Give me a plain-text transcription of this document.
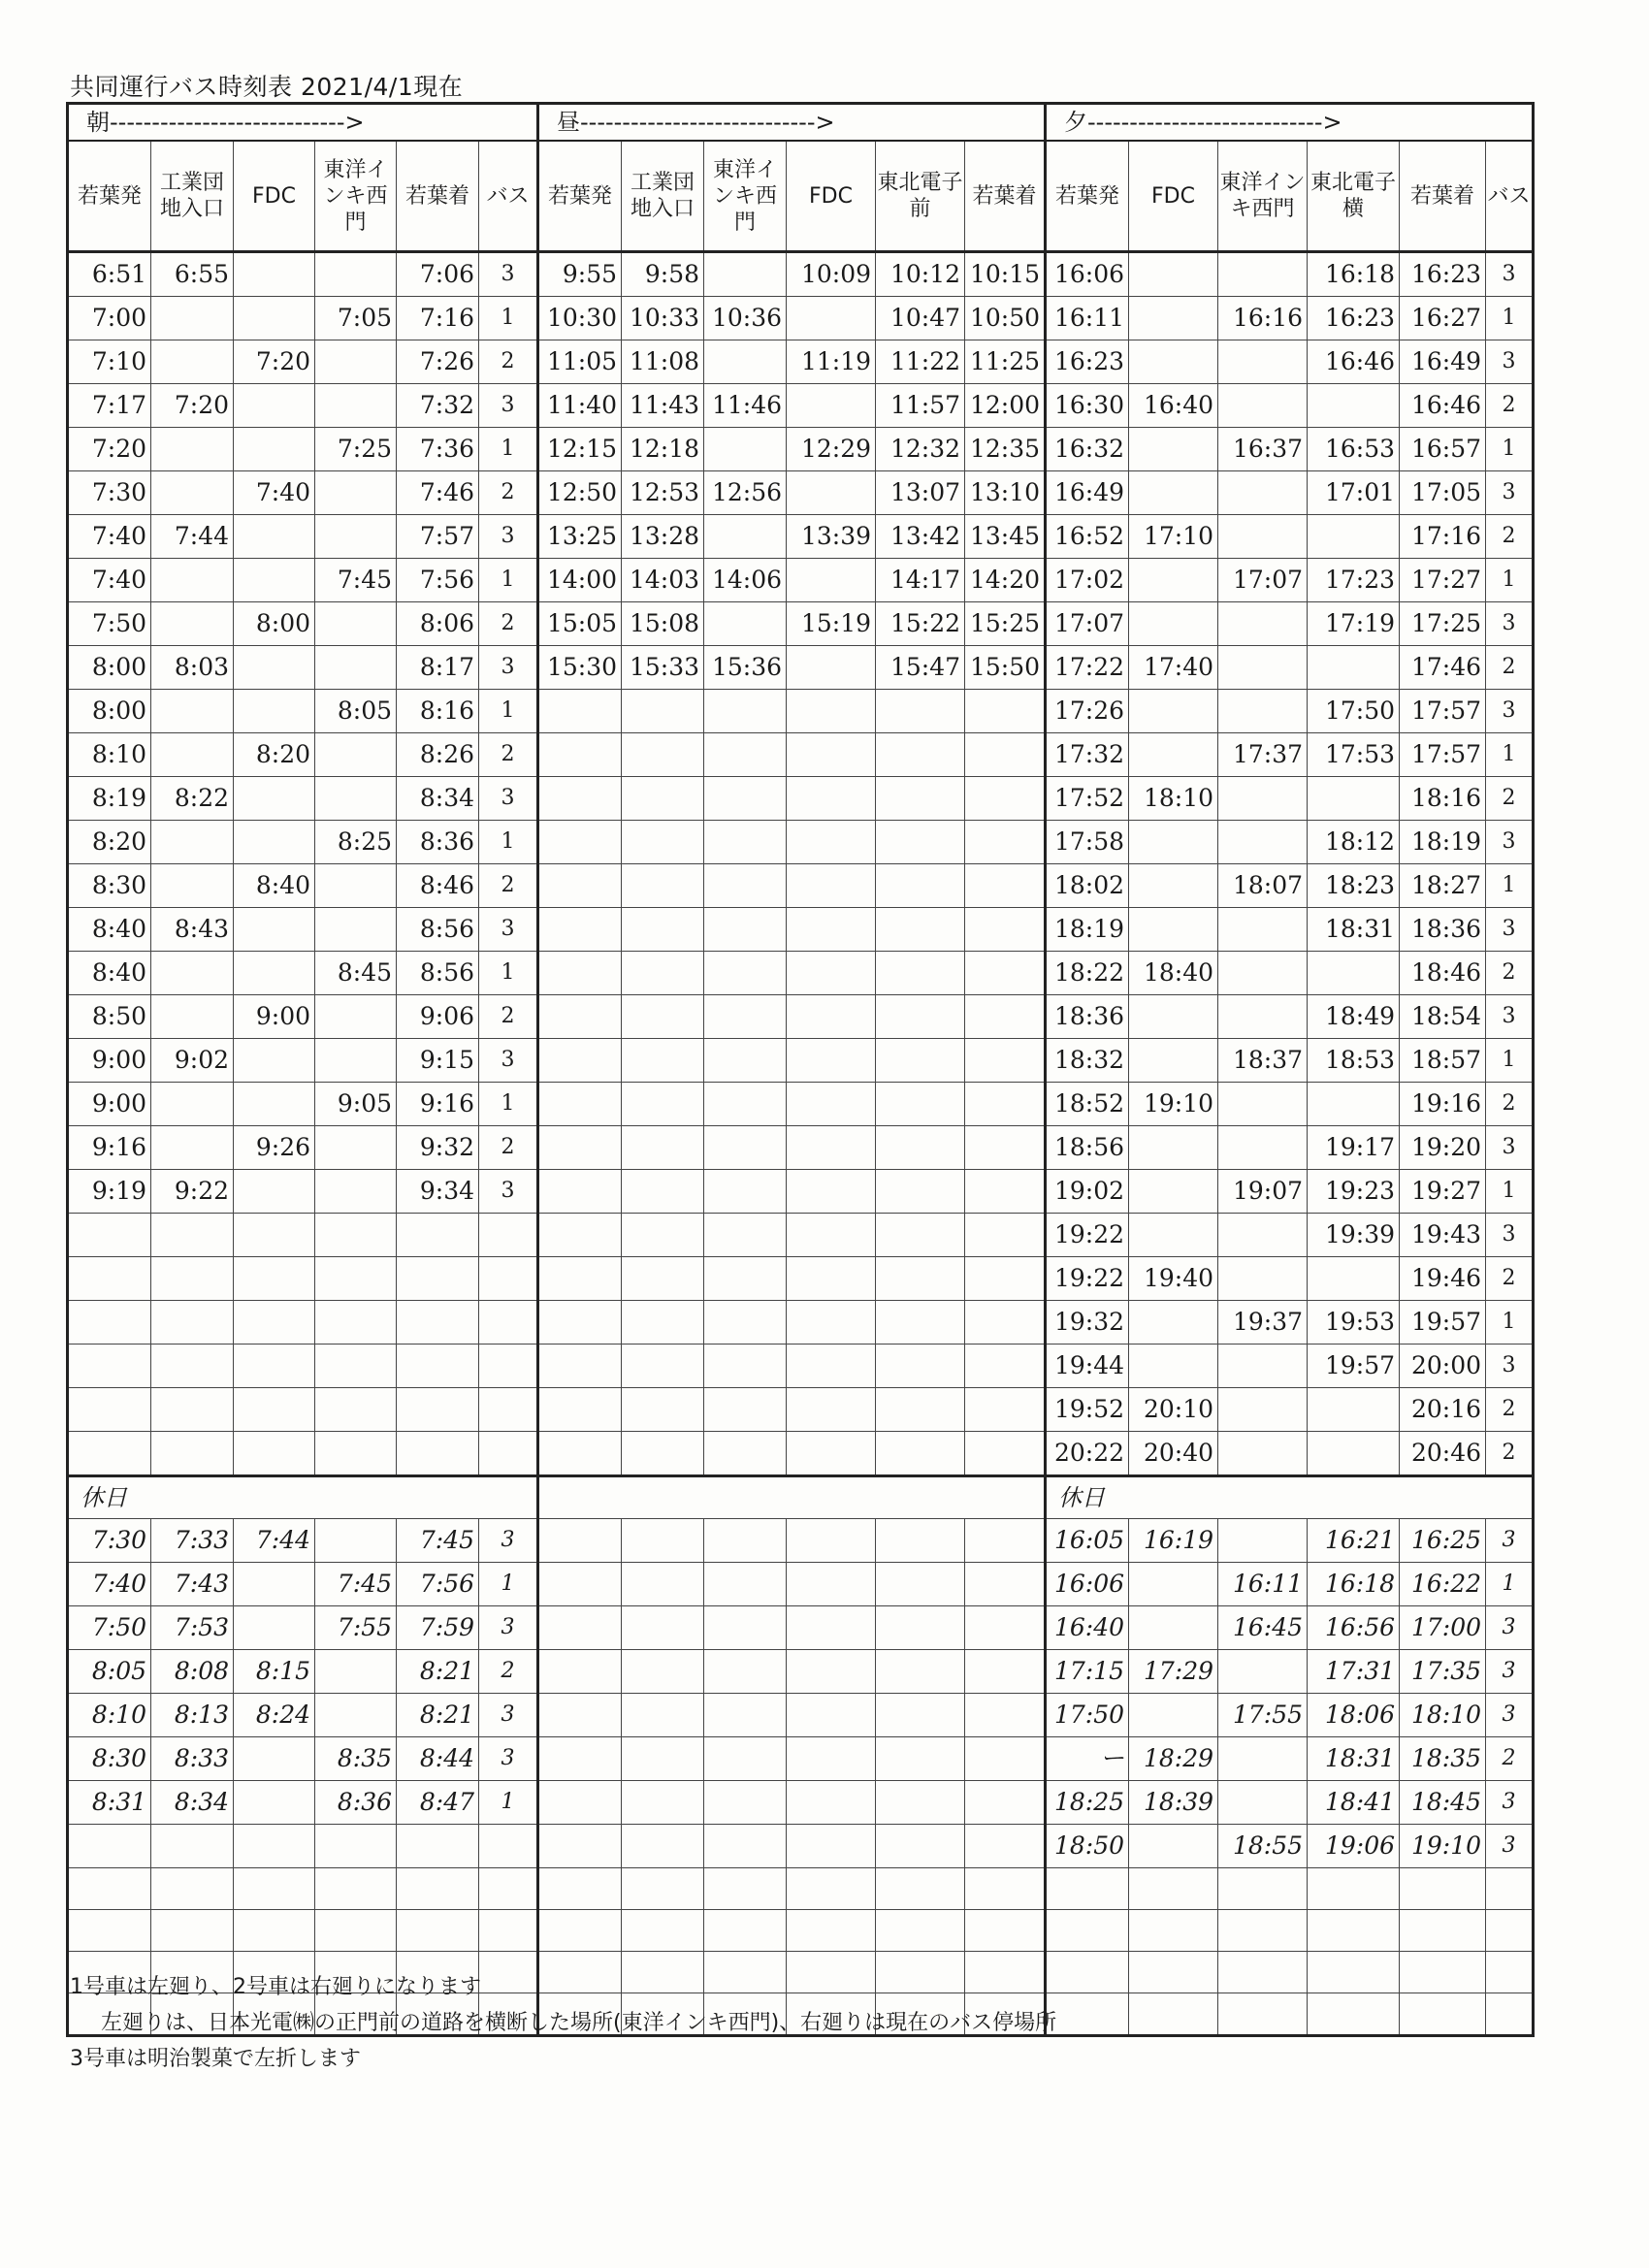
共同運行バス時刻表 2021/4/1現在
朝---------------------------->						昼---------------------------->						夕---------------------------->					
若葉発	工業団地入口	FDC	東洋インキ西門	若葉着	バス	若葉発	工業団地入口	東洋インキ西門	FDC	東北電子前	若葉着	若葉発	FDC	東洋インキ西門	東北電子横	若葉着	バス
6:51	6:55			7:06	3	9:55	9:58		10:09	10:12	10:15	16:06			16:18	16:23	3
7:00			7:05	7:16	1	10:30	10:33	10:36		10:47	10:50	16:11		16:16	16:23	16:27	1
7:10		7:20		7:26	2	11:05	11:08		11:19	11:22	11:25	16:23			16:46	16:49	3
7:17	7:20			7:32	3	11:40	11:43	11:46		11:57	12:00	16:30	16:40			16:46	2
7:20			7:25	7:36	1	12:15	12:18		12:29	12:32	12:35	16:32		16:37	16:53	16:57	1
7:30		7:40		7:46	2	12:50	12:53	12:56		13:07	13:10	16:49			17:01	17:05	3
7:40	7:44			7:57	3	13:25	13:28		13:39	13:42	13:45	16:52	17:10			17:16	2
7:40			7:45	7:56	1	14:00	14:03	14:06		14:17	14:20	17:02		17:07	17:23	17:27	1
7:50		8:00		8:06	2	15:05	15:08		15:19	15:22	15:25	17:07			17:19	17:25	3
8:00	8:03			8:17	3	15:30	15:33	15:36		15:47	15:50	17:22	17:40			17:46	2
8:00			8:05	8:16	1							17:26			17:50	17:57	3
8:10		8:20		8:26	2							17:32		17:37	17:53	17:57	1
8:19	8:22			8:34	3							17:52	18:10			18:16	2
8:20			8:25	8:36	1							17:58			18:12	18:19	3
8:30		8:40		8:46	2							18:02		18:07	18:23	18:27	1
8:40	8:43			8:56	3							18:19			18:31	18:36	3
8:40			8:45	8:56	1							18:22	18:40			18:46	2
8:50		9:00		9:06	2							18:36			18:49	18:54	3
9:00	9:02			9:15	3							18:32		18:37	18:53	18:57	1
9:00			9:05	9:16	1							18:52	19:10			19:16	2
9:16		9:26		9:32	2							18:56			19:17	19:20	3
9:19	9:22			9:34	3							19:02		19:07	19:23	19:27	1
												19:22			19:39	19:43	3
												19:22	19:40			19:46	2
												19:32		19:37	19:53	19:57	1
												19:44			19:57	20:00	3
												19:52	20:10			20:16	2
												20:22	20:40			20:46	2
休日												休日					
7:30	7:33	7:44		7:45	3							16:05	16:19		16:21	16:25	3
7:40	7:43		7:45	7:56	1							16:06		16:11	16:18	16:22	1
7:50	7:53		7:55	7:59	3							16:40		16:45	16:56	17:00	3
8:05	8:08	8:15		8:21	2							17:15	17:29		17:31	17:35	3
8:10	8:13	8:24		8:21	3							17:50		17:55	18:06	18:10	3
8:30	8:33		8:35	8:44	3							ー	18:29		18:31	18:35	2
8:31	8:34		8:36	8:47	1							18:25	18:39		18:41	18:45	3
												18:50		18:55	19:06	19:10	3

1号車は左廻り、2号車は右廻りになります
左廻りは、日本光電㈱の正門前の道路を横断した場所(東洋インキ西門)、右廻りは現在のバス停場所
3号車は明治製菓で左折します
